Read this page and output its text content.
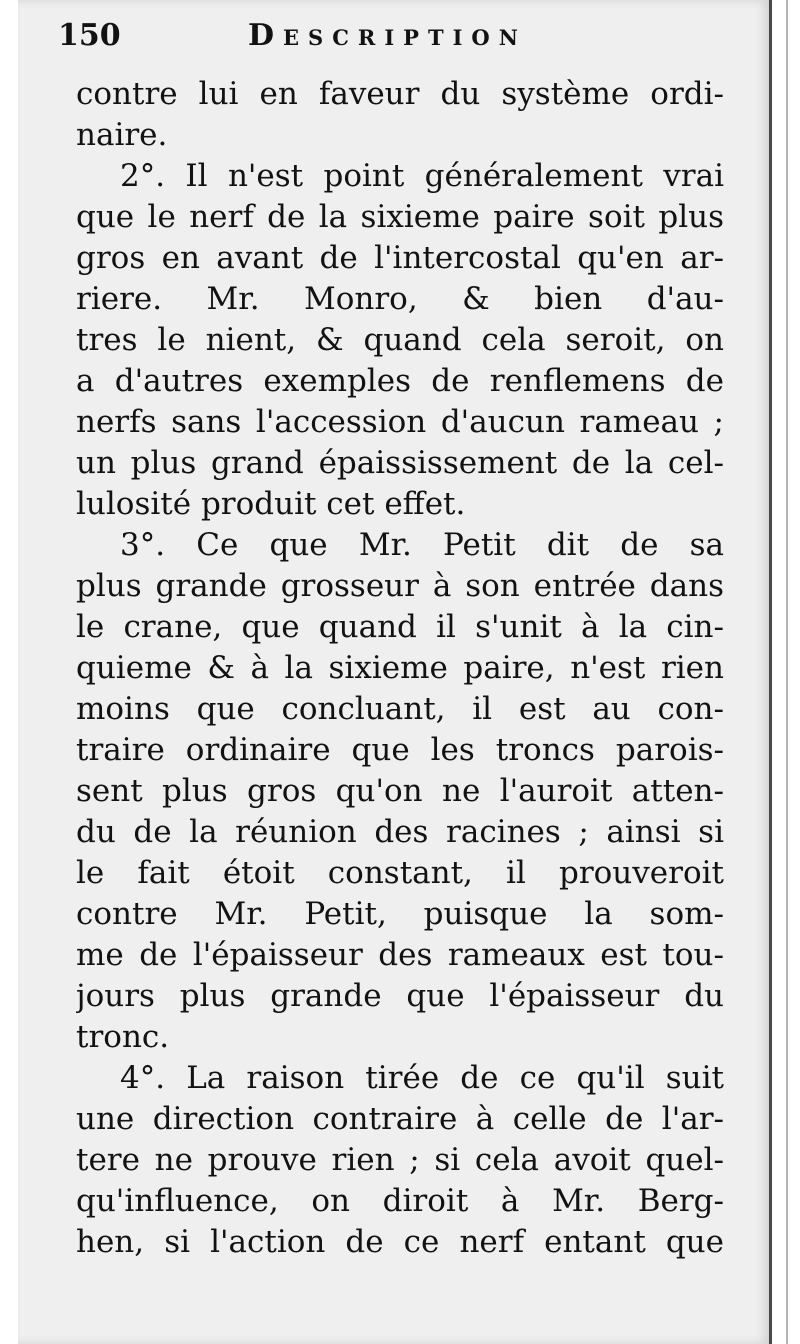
150	Description
contre lui en faveur du système ordi-
naire.
2°. Il n'est point généralement vrai
que le nerf de la sixieme paire soit plus
gros en avant de l'intercostal qu'en ar-
riere. Mr. Monro, & bien d'au-
tres le nient, & quand cela seroit, on
a d'autres exemples de renflemens de
nerfs sans l'accession d'aucun rameau ;
un plus grand épaississement de la cel-
lulosité produit cet effet.
3°. Ce que Mr. Petit dit de sa
plus grande grosseur à son entrée dans
le crane, que quand il s'unit à la cin-
quieme & à la sixieme paire, n'est rien
moins que concluant, il est au con-
traire ordinaire que les troncs parois-
sent plus gros qu'on ne l'auroit atten-
du de la réunion des racines ; ainsi si
le fait étoit constant, il prouveroit
contre Mr. Petit, puisque la som-
me de l'épaisseur des rameaux est tou-
jours plus grande que l'épaisseur du
tronc.
4°. La raison tirée de ce qu'il suit
une direction contraire à celle de l'ar-
tere ne prouve rien ; si cela avoit quel-
qu'influence, on diroit à Mr. Berg-
hen, si l'action de ce nerf entant que
